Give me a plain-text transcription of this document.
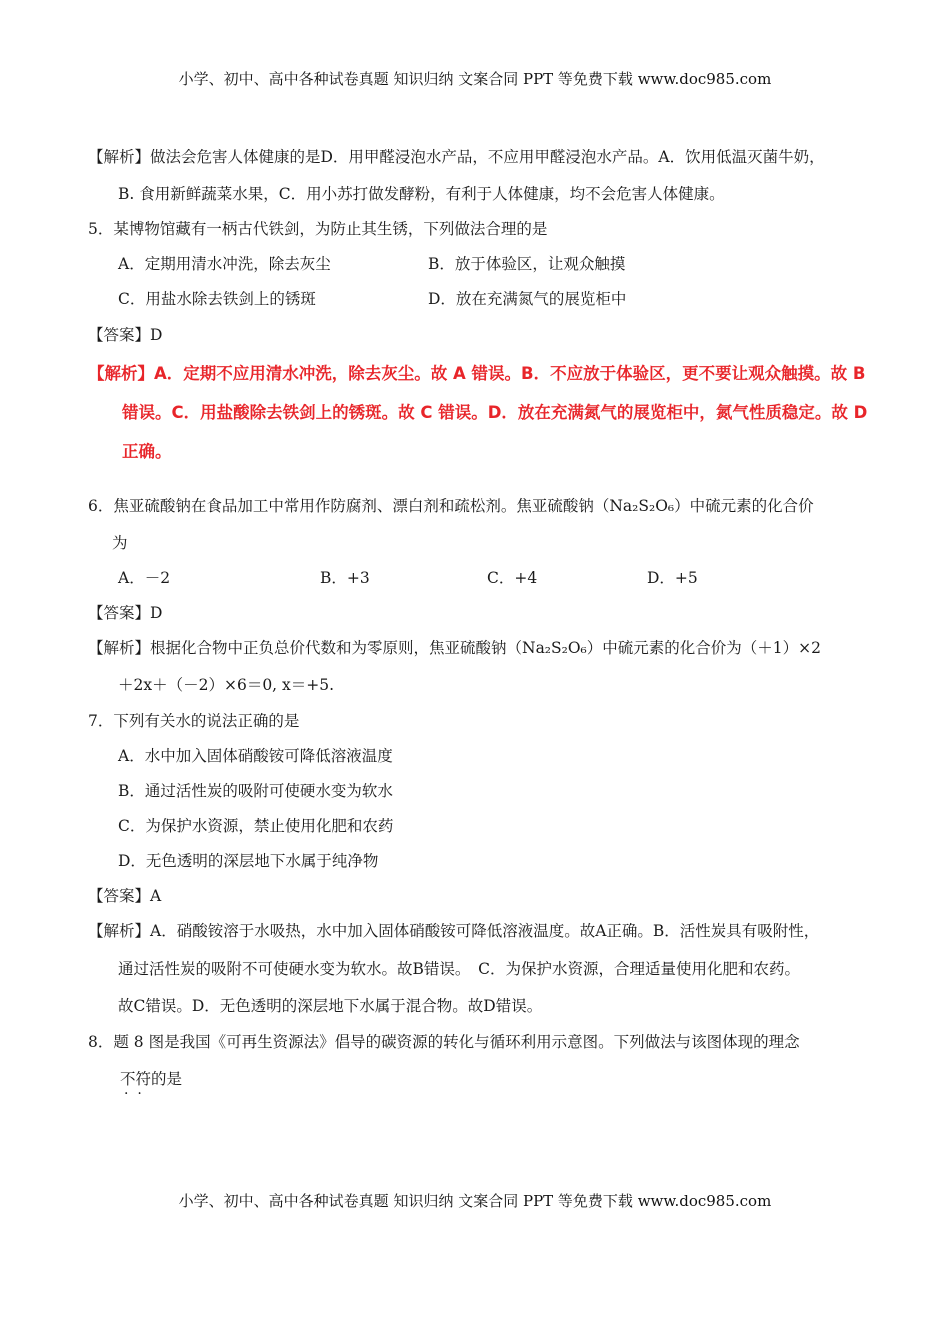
小学、初中、高中各种试卷真题 知识归纳 文案合同 PPT 等免费下载 www.doc985.com
【解析】做法会危害人体健康的是D．用甲醛浸泡水产品，不应用甲醛浸泡水产品。A．饮用低温灭菌牛奶，
B. 食用新鲜蔬菜水果，C．用小苏打做发酵粉，有利于人体健康，均不会危害人体健康。
5．某博物馆藏有一柄古代铁剑，为防止其生锈，下列做法合理的是
A．定期用清水冲洗，除去灰尘	B．放于体验区，让观众触摸
C．用盐水除去铁剑上的锈斑	D．放在充满氮气的展览柜中
【答案】D
【解析】A．定期不应用清水冲洗，除去灰尘。故 A 错误。B．不应放于体验区，更不要让观众触摸。故 B
错误。C．用盐酸除去铁剑上的锈斑。故 C 错误。D．放在充满氮气的展览柜中，氮气性质稳定。故 D
正确。
6．焦亚硫酸钠在食品加工中常用作防腐剂、漂白剂和疏松剂。焦亚硫酸钠（Na₂S₂O₆）中硫元素的化合价
为
A．－2	B．+3	C．+4	D．+5
【答案】D
【解析】根据化合物中正负总价代数和为零原则，焦亚硫酸钠（Na₂S₂O₆）中硫元素的化合价为（＋1）×2
＋2x＋（－2）×6＝0, x＝+5.
7．下列有关水的说法正确的是
A．水中加入固体硝酸铵可降低溶液温度
B．通过活性炭的吸附可使硬水变为软水
C．为保护水资源，禁止使用化肥和农药
D．无色透明的深层地下水属于纯净物
【答案】A
【解析】A．硝酸铵溶于水吸热，水中加入固体硝酸铵可降低溶液温度。故A正确。B．活性炭具有吸附性，
通过活性炭的吸附不可使硬水变为软水。故B错误。　C．为保护水资源，合理适量使用化肥和农药。
故C错误。D．无色透明的深层地下水属于混合物。故D错误。
8．题 8 图是我国《可再生资源法》倡导的碳资源的转化与循环利用示意图。下列做法与该图体现的理念
不符的是
·  ·
小学、初中、高中各种试卷真题 知识归纳 文案合同 PPT 等免费下载 www.doc985.com
